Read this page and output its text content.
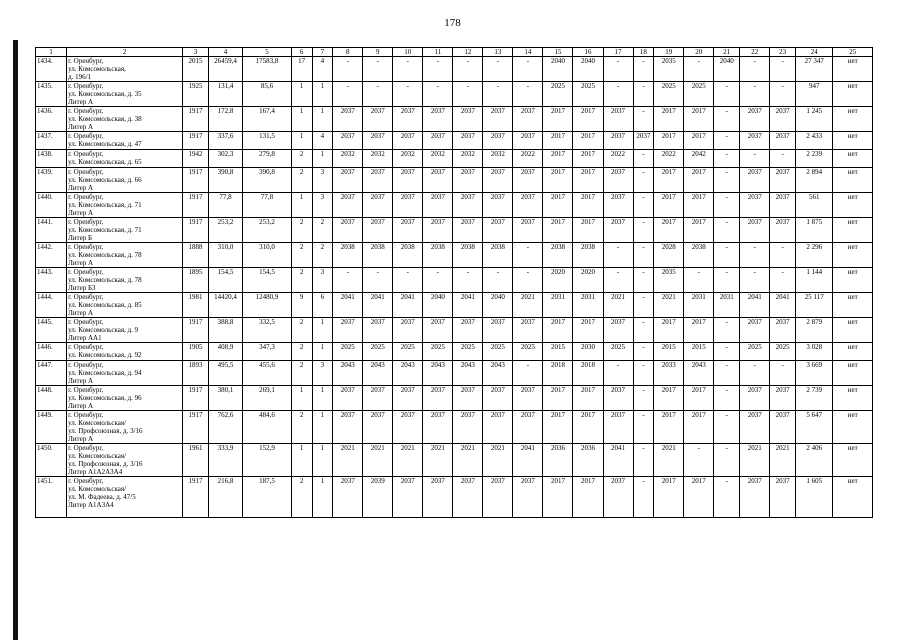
178
1	2	3	4	5	6	7	8	9	10	11	12	13	14	15	16	17	18	19	20	21	22	23	24	25
1434.	г. Оренбург,
ул. Комсомольская,
д. 196/1	2015	26459,4	17583,8	17	4	-	-	-	-	-	-	-	2040	2040	-	-	2035	-	2040	-	-	27 347	нет
1435.	г. Оренбург,
ул. Комсомольская, д. 35
Литер А	1925	131,4	85,6	1	1	-	-	-	-	-	-	-	2025	2025	-	-	2025	2025	-	-	-	947	нет
1436.	г. Оренбург,
ул. Комсомольская, д. 38
Литер А	1917	172,8	167,4	1	1	2037	2037	2037	2037	2037	2037	2037	2017	2017	2037	-	2017	2017	-	2037	2037	1 245	нет
1437.	г. Оренбург,
ул. Комсомольская, д. 47	1917	337,6	131,5	1	4	2037	2037	2037	2037	2037	2037	2037	2017	2017	2037	2037	2017	2017	-	2037	2037	2 433	нет
1438.	г. Оренбург,
ул. Комсомольская, д. 65	1942	302,3	279,8	2	1	2032	2032	2032	2032	2032	2032	2022	2017	2017	2022	-	2022	2042	-	-	-	2 239	нет
1439.	г. Оренбург,
ул. Комсомольская, д. 66
Литер А	1917	390,8	390,8	2	3	2037	2037	2037	2037	2037	2037	2037	2017	2017	2037	-	2017	2017	-	2037	2037	2 894	нет
1440.	г. Оренбург,
ул. Комсомольская, д. 71
Литер А	1917	77,8	77,8	1	3	2037	2037	2037	2037	2037	2037	2037	2017	2017	2037	-	2017	2017	-	2037	2037	561	нет
1441.	г. Оренбург,
ул. Комсомольская, д. 71
Литер Б	1917	253,2	253,2	2	2	2037	2037	2037	2037	2037	2037	2037	2017	2017	2037	-	2017	2017	-	2037	2037	1 875	нет
1442.	г. Оренбург,
ул. Комсомольская, д. 78
Литер А	1888	310,0	310,0	2	2	2038	2038	2038	2038	2038	2038	-	2038	2038	-	-	2028	2038	-	-	-	2 296	нет
1443.	г. Оренбург,
ул. Комсомольская, д. 78
Литер Б3	1895	154,5	154,5	2	3	-	-	-	-	-	-	-	2020	2020	-	-	2035	-	-	-	-	1 144	нет
1444.	г. Оренбург,
ул. Комсомольская, д. 85
Литер А	1981	14420,4	12480,9	9	6	2041	2041	2041	2040	2041	2040	2021	2031	2031	2021	-	2021	2031	2031	2041	2041	25 117	нет
1445.	г. Оренбург,
ул. Комсомольская, д. 9
Литер АА1	1917	388,8	332,5	2	1	2037	2037	2037	2037	2037	2037	2037	2017	2017	2037	-	2017	2017	-	2037	2037	2 879	нет
1446.	г. Оренбург,
ул. Комсомольская, д. 92	1905	408,9	347,3	2	1	2025	2025	2025	2025	2025	2025	2025	2015	2030	2025	-	2015	2015	-	2025	2025	3 028	нет
1447.	г. Оренбург,
ул. Комсомольская, д. 94
Литер А	1893	495,5	455,6	2	3	2043	2043	2043	2043	2043	2043	-	2018	2018	-	-	2033	2043	-	-	-	3 669	нет
1448.	г. Оренбург,
ул. Комсомольская, д. 96
Литер А	1917	380,1	269,1	1	1	2037	2037	2037	2037	2037	2037	2037	2017	2017	2037	-	2017	2017	-	2037	2037	2 739	нет
1449.	г. Оренбург,
ул. Комсомольская/
ул. Профсоюзная, д. 3/16
Литер А	1917	762,6	484,6	2	1	2037	2037	2037	2037	2037	2037	2037	2017	2017	2037	-	2017	2017	-	2037	2037	5 647	нет
1450.	г. Оренбург,
ул. Комсомольская/
ул. Профсоюзная, д. 3/16
Литер А1А2А3А4	1961	333,9	152,9	1	1	2021	2021	2021	2021	2021	2021	2041	2036	2036	2041	-	2021	-	-	2021	2021	2 406	нет
1451.	г. Оренбург,
ул. Комсомольская/
ул. М. Фадеева, д. 47/5
Литер А1А3А4	1917	216,8	187,5	2	1	2037	2039	2037	2037	2037	2037	2037	2017	2017	2037	-	2017	2017	-	2037	2037	1 605	нет
